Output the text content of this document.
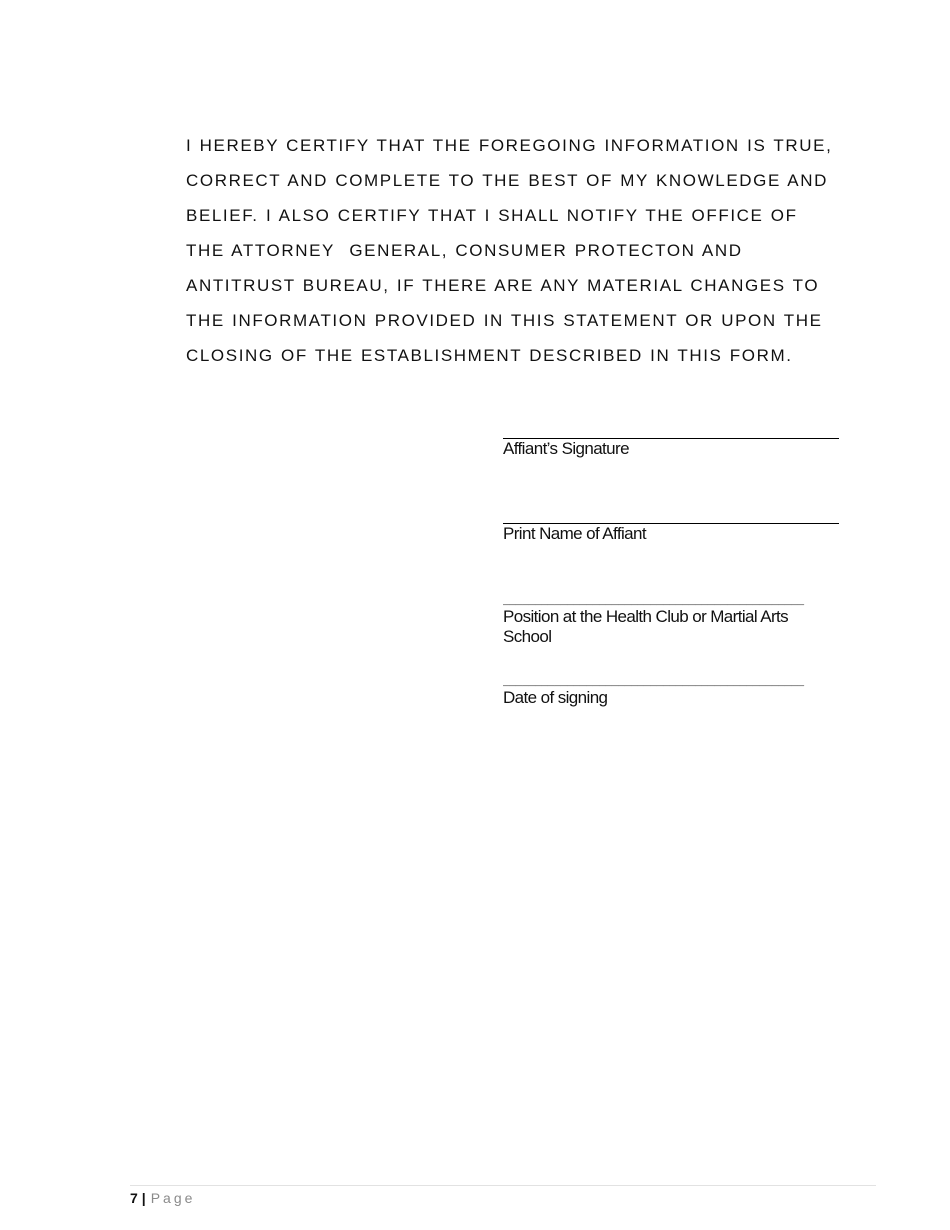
I HEREBY CERTIFY THAT THE FOREGOING INFORMATION IS TRUE,
CORRECT AND COMPLETE TO THE BEST OF MY KNOWLEDGE AND
BELIEF. I ALSO CERTIFY THAT I SHALL NOTIFY THE OFFICE OF
THE ATTORNEY  GENERAL, CONSUMER PROTECTON AND
ANTITRUST BUREAU, IF THERE ARE ANY MATERIAL CHANGES TO
THE INFORMATION PROVIDED IN THIS STATEMENT OR UPON THE
CLOSING OF THE ESTABLISHMENT DESCRIBED IN THIS FORM.

Affiant’s Signature
Print Name of Affiant
_______________________________________________
Position at the Health Club or Martial Arts
School
_______________________________________________
Date of signing
7 | Page
